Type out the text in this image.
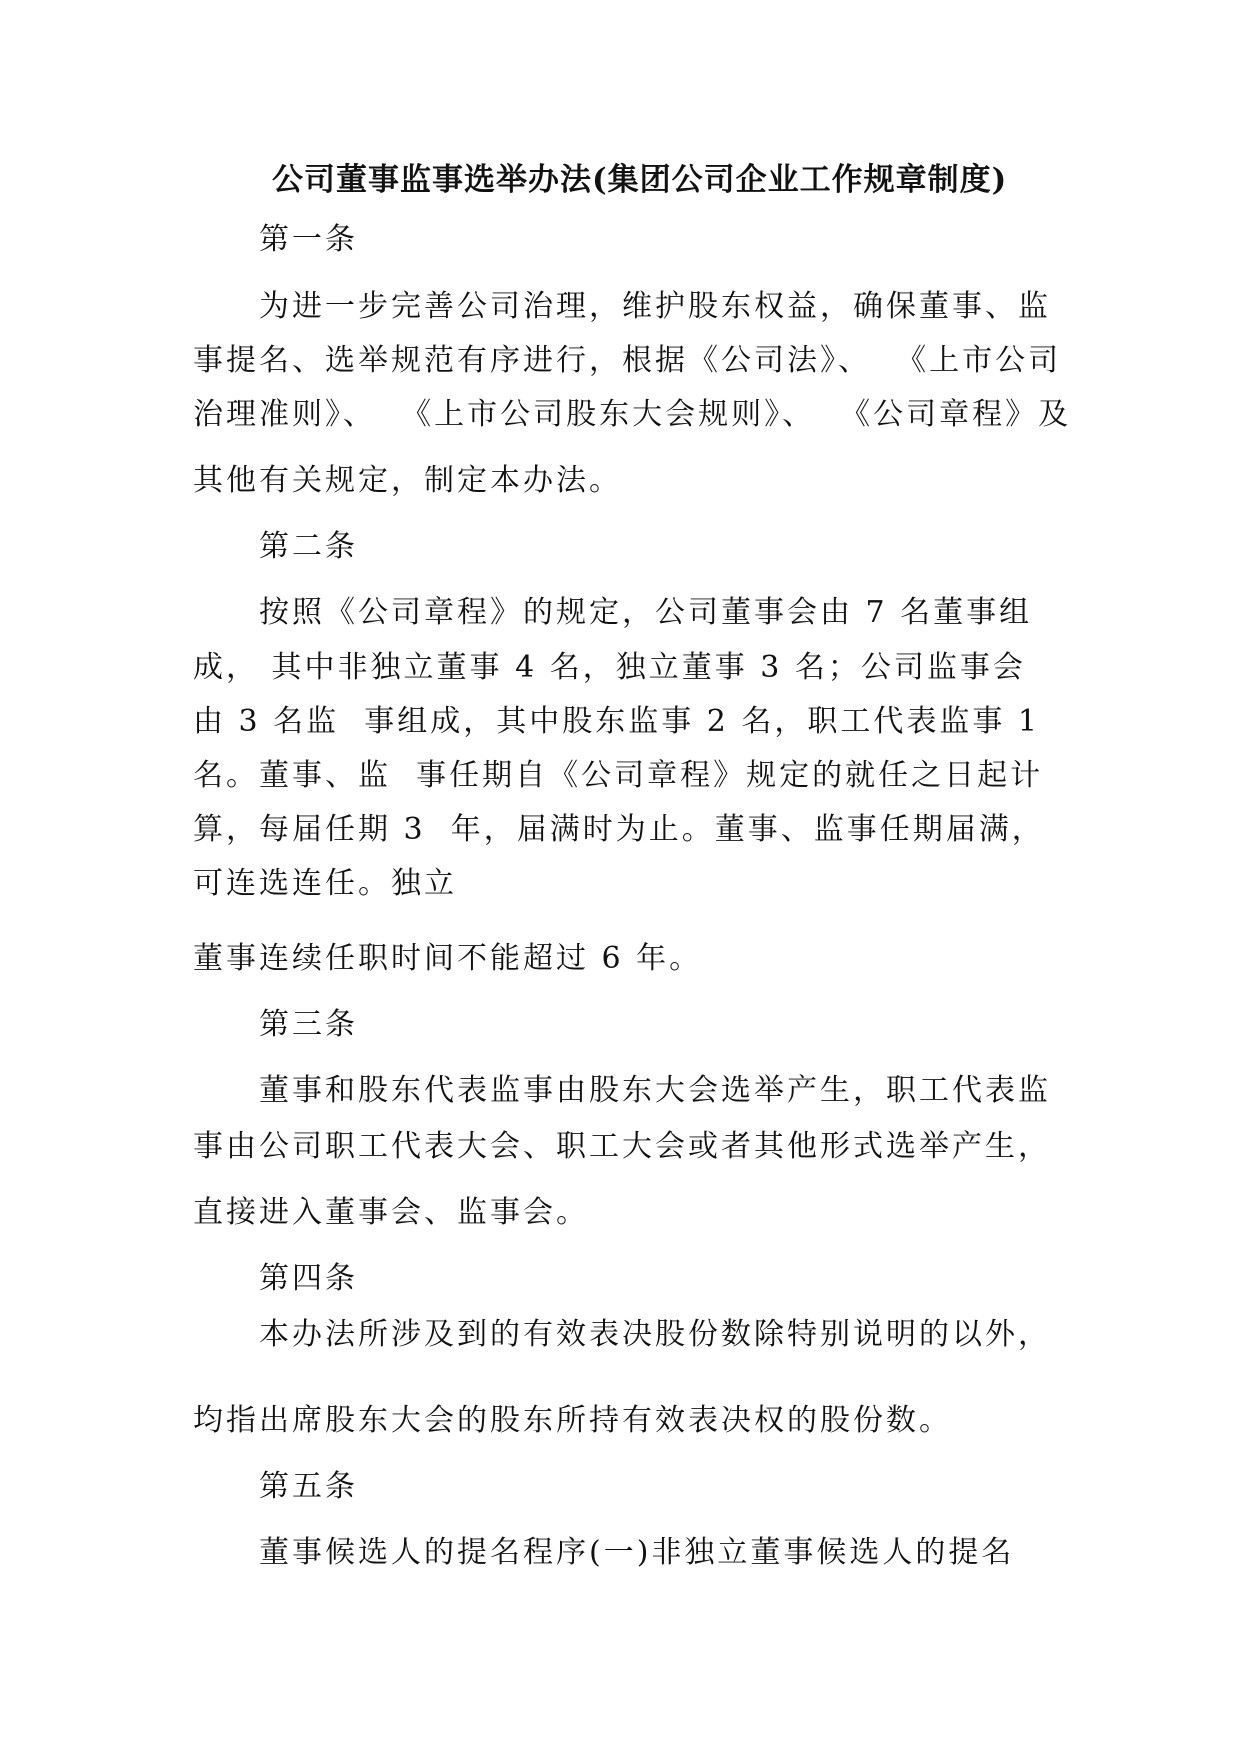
公司董事监事选举办法(集团公司企业工作规章制度)
第一条
为进一步完善公司治理，维护股东权益，确保董事、监
事提名、选举规范有序进行，根据《公司法》、  《上市公司
治理准则》、  《上市公司股东大会规则》、  《公司章程》及
其他有关规定，制定本办法。
第二条
按照《公司章程》的规定，公司董事会由 7 名董事组
成， 其中非独立董事 4 名，独立董事 3 名；公司监事会
由 3 名监  事组成，其中股东监事 2 名，职工代表监事 1
名。董事、监  事任期自《公司章程》规定的就任之日起计
算，每届任期 3  年，届满时为止。董事、监事任期届满，
可连选连任。独立
董事连续任职时间不能超过 6 年。
第三条
董事和股东代表监事由股东大会选举产生，职工代表监
事由公司职工代表大会、职工大会或者其他形式选举产生，
直接进入董事会、监事会。
第四条
本办法所涉及到的有效表决股份数除特别说明的以外，
均指出席股东大会的股东所持有效表决权的股份数。
第五条
董事候选人的提名程序(一)非独立董事候选人的提名
